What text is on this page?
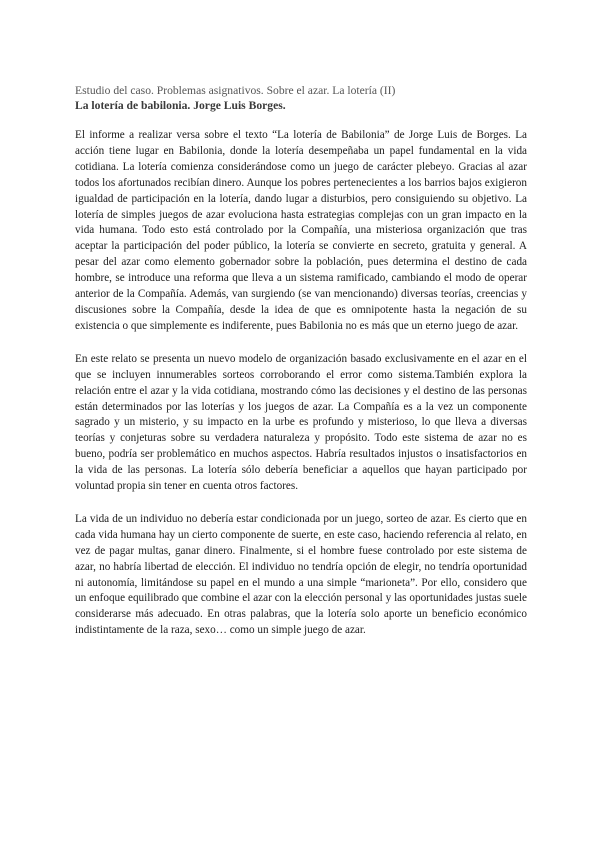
Estudio del caso. Problemas asignativos. Sobre el azar. La lotería (II)

La lotería de babilonia. Jorge Luis Borges.

El informe a realizar versa sobre el texto “La lotería de Babilonia” de Jorge Luis de Borges. La acción tiene lugar en Babilonia, donde la lotería desempeñaba un papel fundamental en la vida cotidiana. La lotería comienza considerándose como un juego de carácter plebeyo. Gracias al azar todos los afortunados recibían dinero. Aunque los pobres pertenecientes a los barrios bajos exigieron igualdad de participación en la lotería, dando lugar a disturbios, pero consiguiendo su objetivo. La lotería de simples juegos de azar evoluciona hasta estrategias complejas con un gran impacto en la vida humana. Todo esto está controlado por la Compañía, una misteriosa organización que tras aceptar la participación del poder público, la lotería se convierte en secreto, gratuita y general. A pesar del azar como elemento gobernador sobre la población, pues determina el destino de cada hombre, se introduce una reforma que lleva a un sistema ramificado, cambiando el modo de operar anterior de la Compañía. Además, van surgiendo (se van mencionando) diversas teorías, creencias y discusiones sobre la Compañía, desde la idea de que es omnipotente hasta la negación de su existencia o que simplemente es indiferente, pues Babilonia no es más que un eterno juego de azar.

En este relato se presenta un nuevo modelo de organización basado exclusivamente en el azar en el que se incluyen innumerables sorteos corroborando el error como sistema.También explora la relación entre el azar y la vida cotidiana, mostrando cómo las decisiones y el destino de las personas están determinados por las loterías y los juegos de azar. La Compañía es a la vez un componente sagrado y un misterio, y su impacto en la urbe es profundo y misterioso, lo que lleva a diversas teorías y conjeturas sobre su verdadera naturaleza y propósito. Todo este sistema de azar no es bueno, podría ser problemático en muchos aspectos. Habría resultados injustos o insatisfactorios en la vida de las personas. La lotería sólo debería beneficiar a aquellos que hayan participado por voluntad propia sin tener en cuenta otros factores.

La vida de un individuo no debería estar condicionada por un juego, sorteo de azar. Es cierto que en cada vida humana hay un cierto componente de suerte, en este caso, haciendo referencia al relato, en vez de pagar multas, ganar dinero. Finalmente, si el hombre fuese controlado por este sistema de azar, no habría libertad de elección. El individuo no tendría opción de elegir, no tendría oportunidad ni autonomía, limitándose su papel en el mundo a una simple “marioneta”. Por ello, considero que un enfoque equilibrado que combine el azar con la elección personal y las oportunidades justas suele considerarse más adecuado. En otras palabras, que la lotería solo aporte un beneficio económico indistintamente de la raza, sexo… como un simple juego de azar.
